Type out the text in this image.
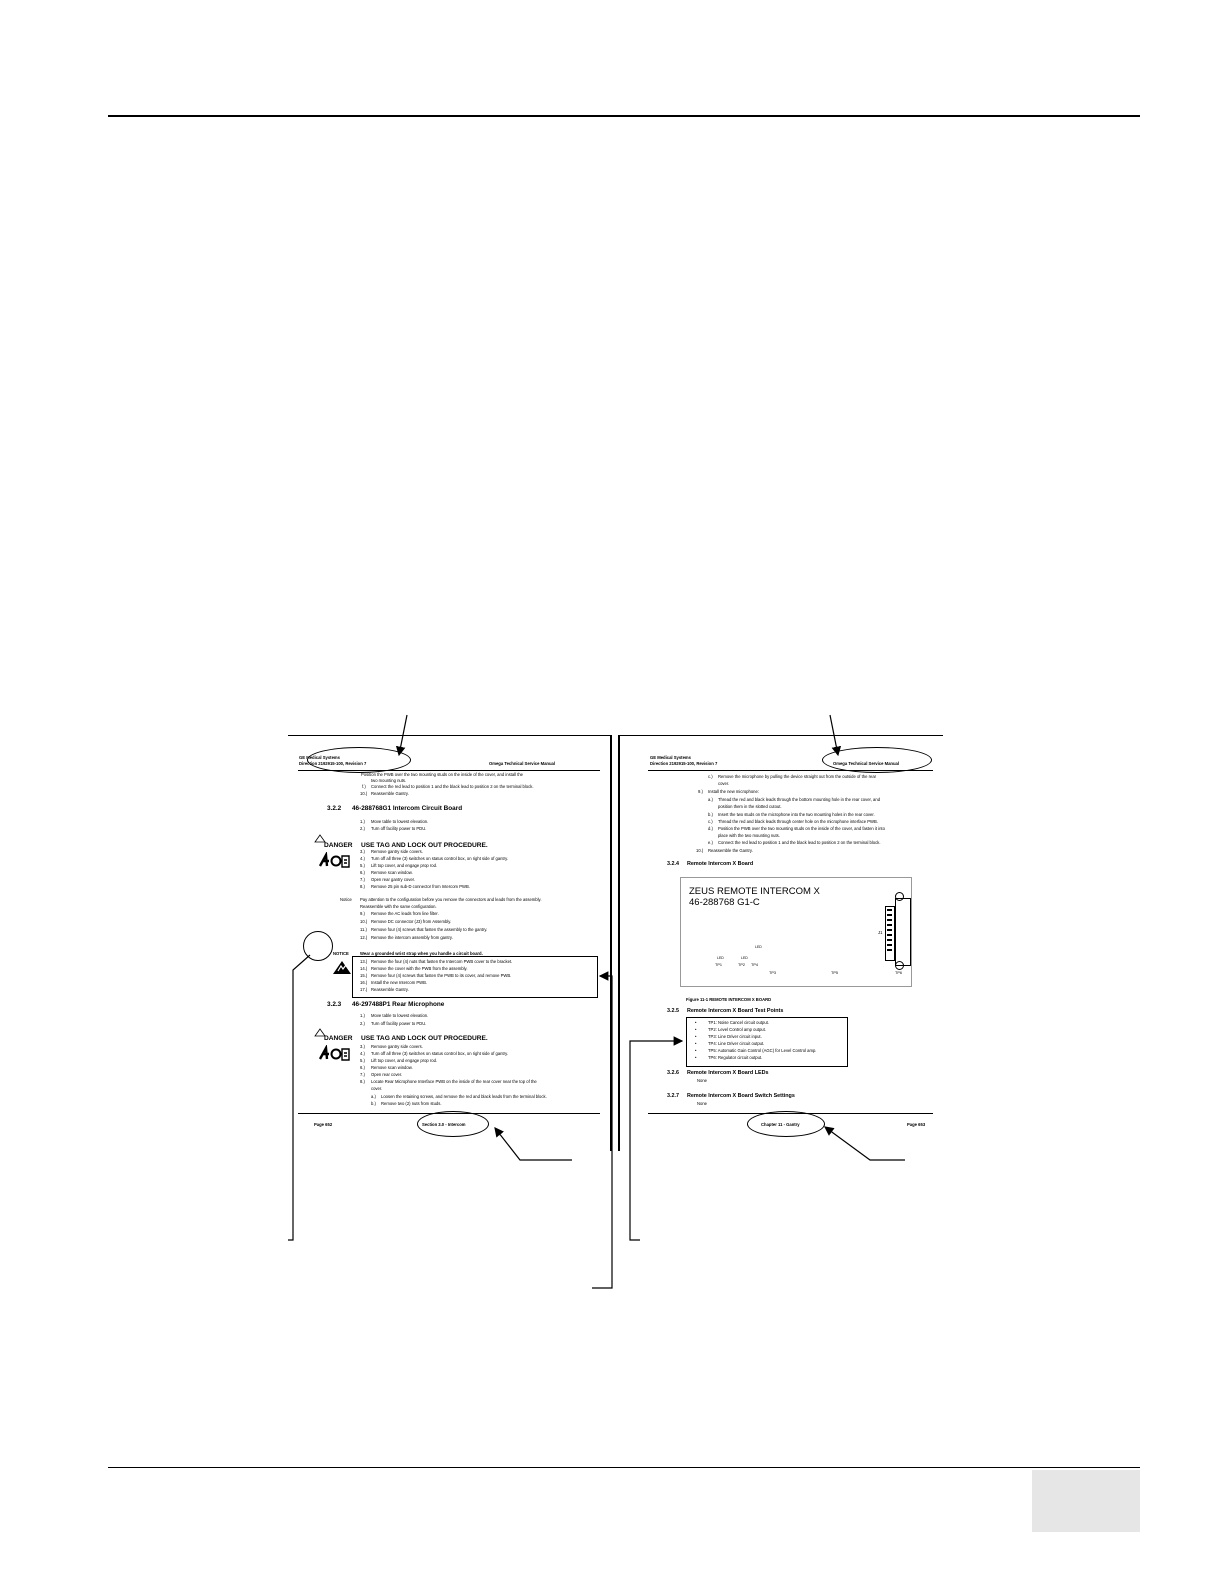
GE Medical Systems
Direction 2192915-100, Revision 7	Omega Technical Service Manual
Position the PWB over the two mounting studs on the inside of the cover, and install the
two mounting nuts.
f.) Connect the red lead to position 1 and the black lead to position 2 on the terminal block.
10.) Reassemble Gantry.
3.2.2 46-288768G1 Intercom Circuit Board
1.) Move table to lowest elevation.
2.) Turn off facility power to PDU.
DANGER USE TAG AND LOCK OUT PROCEDURE.
3.) Remove gantry side covers.
4.) Turn off all three (3) switches on status control box, on right side of gantry.
5.) Lift top cover, and engage prop rod.
6.) Remove scan window.
7.) Open rear gantry cover.
8.) Remove 25 pin sub-D connector from Intercom PWB.
Notice Pay attention to the configuration before you remove the connectors and leads from the assembly.
Reassemble with the same configuration.
9.) Remove the AC leads from line filter.
10.) Remove DC connector (J3) from Assembly.
11.) Remove four (4) screws that fasten the assembly to the gantry.
12.) Remove the intercom assembly from gantry.
NOTICE	Wear a grounded wrist strap when you handle a circuit board.
13.) Remove the four (4) nuts that fasten the Intercom PWB cover to the bracket.
14.) Remove the cover with the PWB from the assembly.
15.) Remove four (4) screws that fasten the PWB to its cover, and remove PWB.
16.) Install the new Intercom PWB.
17.) Reassemble Gantry.
3.2.3 46-297488P1 Rear Microphone
1.) Move table to lowest elevation.
2.) Turn off facility power to PDU.
DANGER USE TAG AND LOCK OUT PROCEDURE.
3.) Remove gantry side covers.
4.) Turn off all three (3) switches on status control box, on right side of gantry.
5.) Lift top cover, and engage prop rod.
6.) Remove scan window.
7.) Open rear cover.
8.) Locate Rear Microphone Interface PWB on the inside of the rear cover near the top of the
cover.
a.) Loosen the retaining screws, and remove the red and black leads from the terminal block.
b.) Remove two (2) nuts from studs.
Page 652	Section 3.0 - Intercom
GE Medical Systems
Direction 2192915-100, Revision 7	Omega Technical Service Manual
c.) Remove the microphone by pulling the device straight out from the outside of the rear
cover.
9.) Install the new microphone:
a.) Thread the red and black leads through the bottom mounting hole in the rear cover, and
position them in the slotted cutout.
b.) Insert the two studs on the microphone into the two mounting holes in the rear cover.
c.) Thread the red and black leads through center hole on the microphone interface PWB.
d.) Position the PWB over the two mounting studs on the inside of the cover, and fasten it into
place with the two mounting nuts.
e.) Connect the red lead to position 1 and the black lead to position 2 on the terminal block.
10.) Reassemble the Gantry.
3.2.4 Remote Intercom X Board
ZEUS REMOTE INTERCOM X
46-288768 G1-C
J1
LED
LED	LED
TP1	TP2 TP4
TP3	TP5	TP6
Figure 11-1 REMOTE INTERCOM X BOARD
3.2.5 Remote Intercom X Board Test Points
•	TP1: Noise Cancel circuit output.
•	TP2: Level Control amp output.
•	TP3: Line Driver circuit input.
•	TP4: Line Driver circuit output.
•	TP5: Automatic Gain Control (AGC) for Level Control amp.
•	TP6: Regulator circuit output.
3.2.6 Remote Intercom X Board LEDs
None
3.2.7 Remote Intercom X Board Switch Settings
None
Chapter 11 - Gantry	Page 653
